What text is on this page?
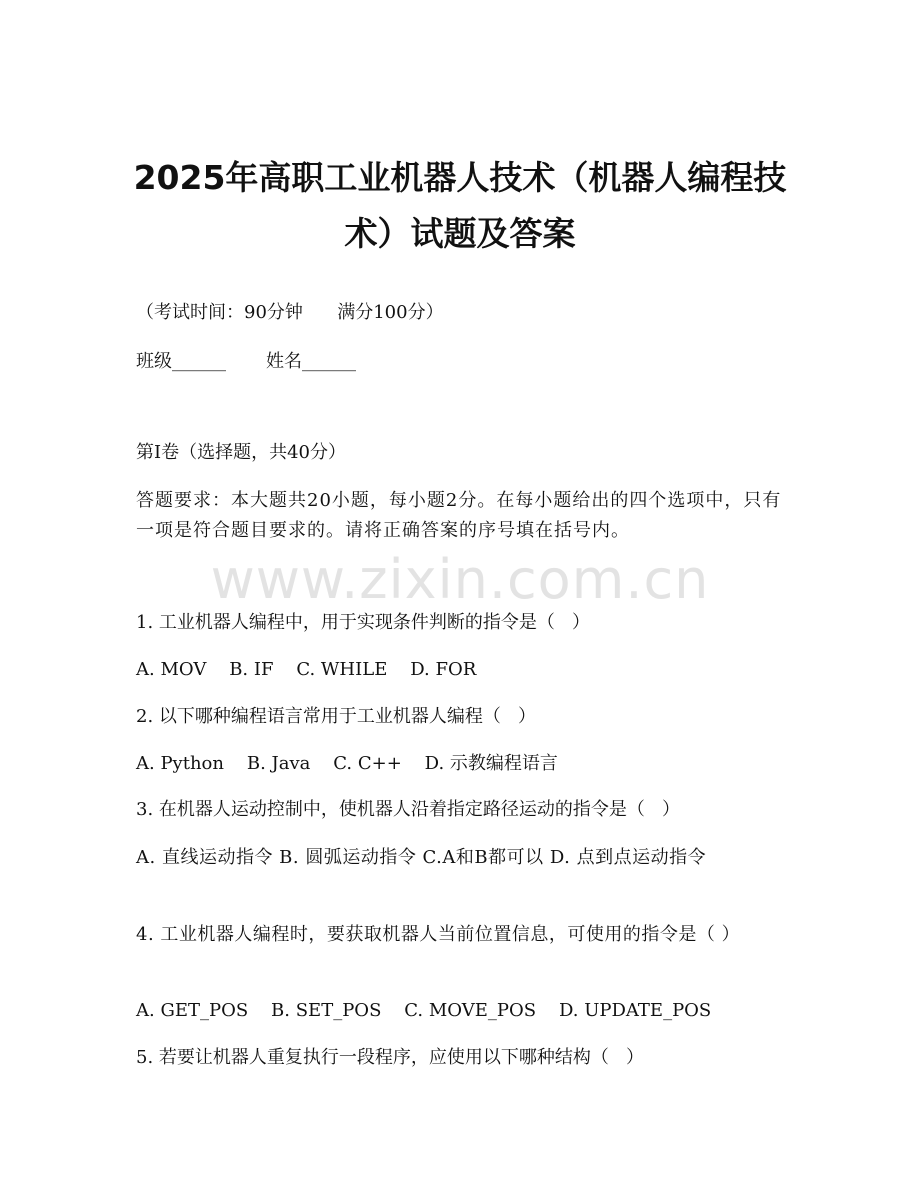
2025年高职工业机器人技术（机器人编程技
术）试题及答案
（考试时间：90分钟      满分100分）
班级______       姓名______
第I卷（选择题，共40分）
答题要求：本大题共20小题，每小题2分。在每小题给出的四个选项中，只有一项是符合题目要求的。请将正确答案的序号填在括号内。
www.zixin.com.cn
1. 工业机器人编程中，用于实现条件判断的指令是（   ）
A. MOV    B. IF    C. WHILE    D. FOR
2. 以下哪种编程语言常用于工业机器人编程（   ）
A. Python    B. Java    C. C++    D. 示教编程语言
3. 在机器人运动控制中，使机器人沿着指定路径运动的指令是（   ）
A. 直线运动指令 B. 圆弧运动指令 C.A和B都可以 D. 点到点运动指令
4. 工业机器人编程时，要获取机器人当前位置信息，可使用的指令是（ ）
A. GET_POS    B. SET_POS    C. MOVE_POS    D. UPDATE_POS
5. 若要让机器人重复执行一段程序，应使用以下哪种结构（   ）
